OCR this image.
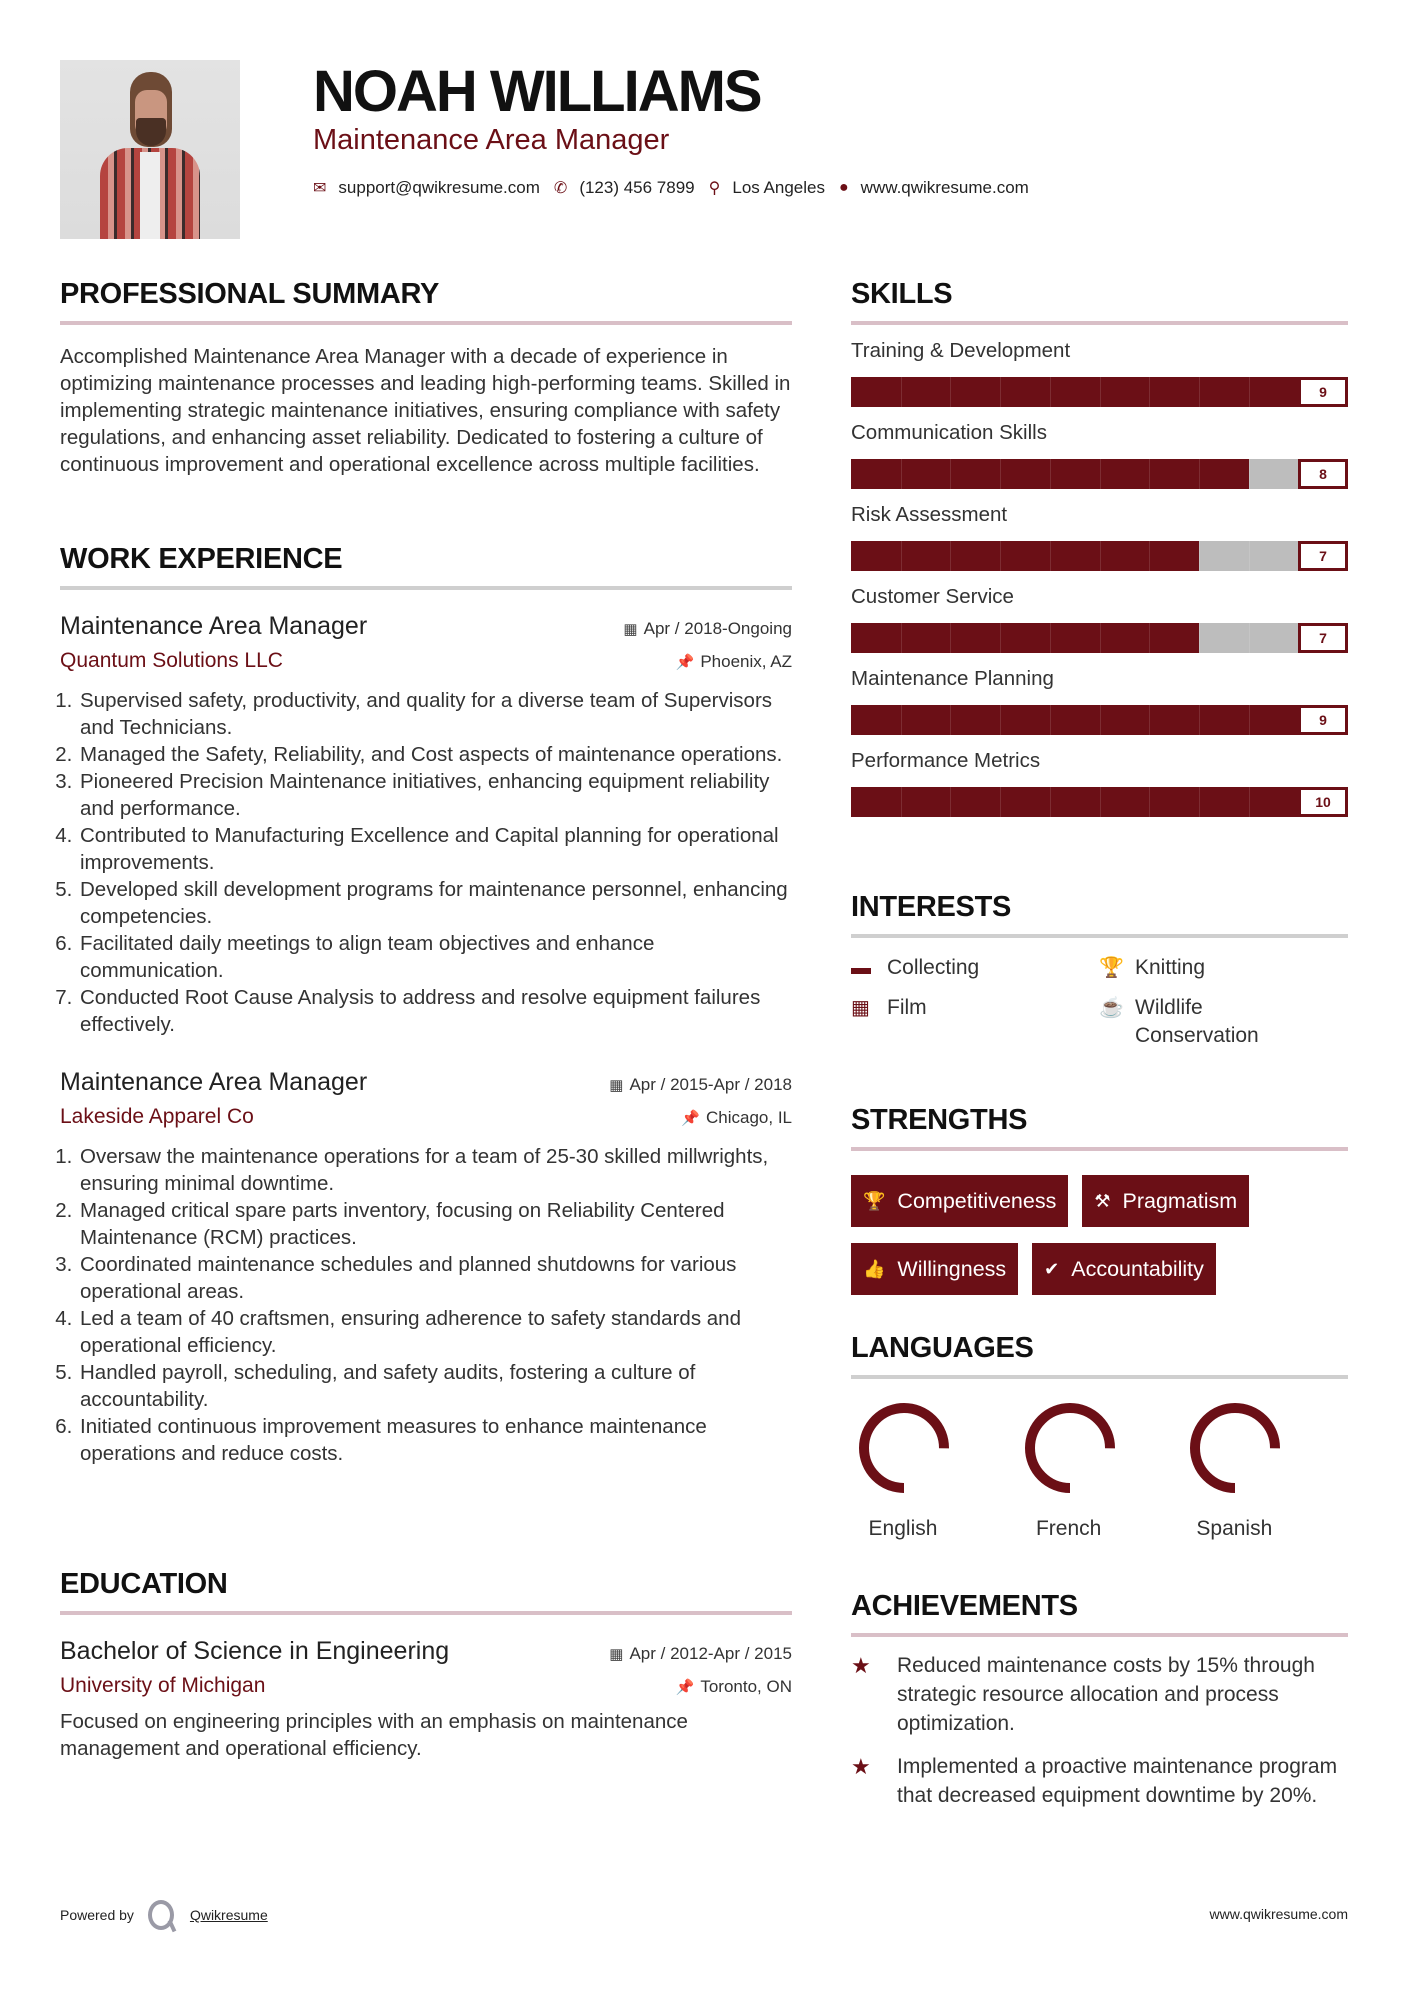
NOAH WILLIAMS
Maintenance Area Manager
✉ support@qwikresume.com ✆ (123) 456 7899 ⚲ Los Angeles ● www.qwikresume.com
PROFESSIONAL SUMMARY
Accomplished Maintenance Area Manager with a decade of experience in optimizing maintenance processes and leading high-performing teams. Skilled in implementing strategic maintenance initiatives, ensuring compliance with safety regulations, and enhancing asset reliability. Dedicated to fostering a culture of continuous improvement and operational excellence across multiple facilities.
WORK EXPERIENCE
Maintenance Area Manager	▦ Apr / 2018-Ongoing
Quantum Solutions LLC	📌 Phoenix, AZ
1. Supervised safety, productivity, and quality for a diverse team of Supervisors and Technicians.
2. Managed the Safety, Reliability, and Cost aspects of maintenance operations.
3. Pioneered Precision Maintenance initiatives, enhancing equipment reliability and performance.
4. Contributed to Manufacturing Excellence and Capital planning for operational improvements.
5. Developed skill development programs for maintenance personnel, enhancing competencies.
6. Facilitated daily meetings to align team objectives and enhance communication.
7. Conducted Root Cause Analysis to address and resolve equipment failures effectively.
Maintenance Area Manager	▦ Apr / 2015-Apr / 2018
Lakeside Apparel Co	📌 Chicago, IL
1. Oversaw the maintenance operations for a team of 25-30 skilled millwrights, ensuring minimal downtime.
2. Managed critical spare parts inventory, focusing on Reliability Centered Maintenance (RCM) practices.
3. Coordinated maintenance schedules and planned shutdowns for various operational areas.
4. Led a team of 40 craftsmen, ensuring adherence to safety standards and operational efficiency.
5. Handled payroll, scheduling, and safety audits, fostering a culture of accountability.
6. Initiated continuous improvement measures to enhance maintenance operations and reduce costs.
EDUCATION
Bachelor of Science in Engineering	▦ Apr / 2012-Apr / 2015
University of Michigan	📌 Toronto, ON
Focused on engineering principles with an emphasis on maintenance management and operational efficiency.
SKILLS
Training & Development
9
Communication Skills
8
Risk Assessment
7
Customer Service
7
Maintenance Planning
9
Performance Metrics
10
INTERESTS
▬ Collecting	🏆 Knitting
▦ Film	☕ Wildlife Conservation
STRENGTHS
🏆 Competitiveness ⚒ Pragmatism
👍 Willingness ✔ Accountability
LANGUAGES
English	French	Spanish
ACHIEVEMENTS
★	Reduced maintenance costs by 15% through strategic resource allocation and process optimization.
★	Implemented a proactive maintenance program that decreased equipment downtime by 20%.
Powered by	Qwikresume	www.qwikresume.com
